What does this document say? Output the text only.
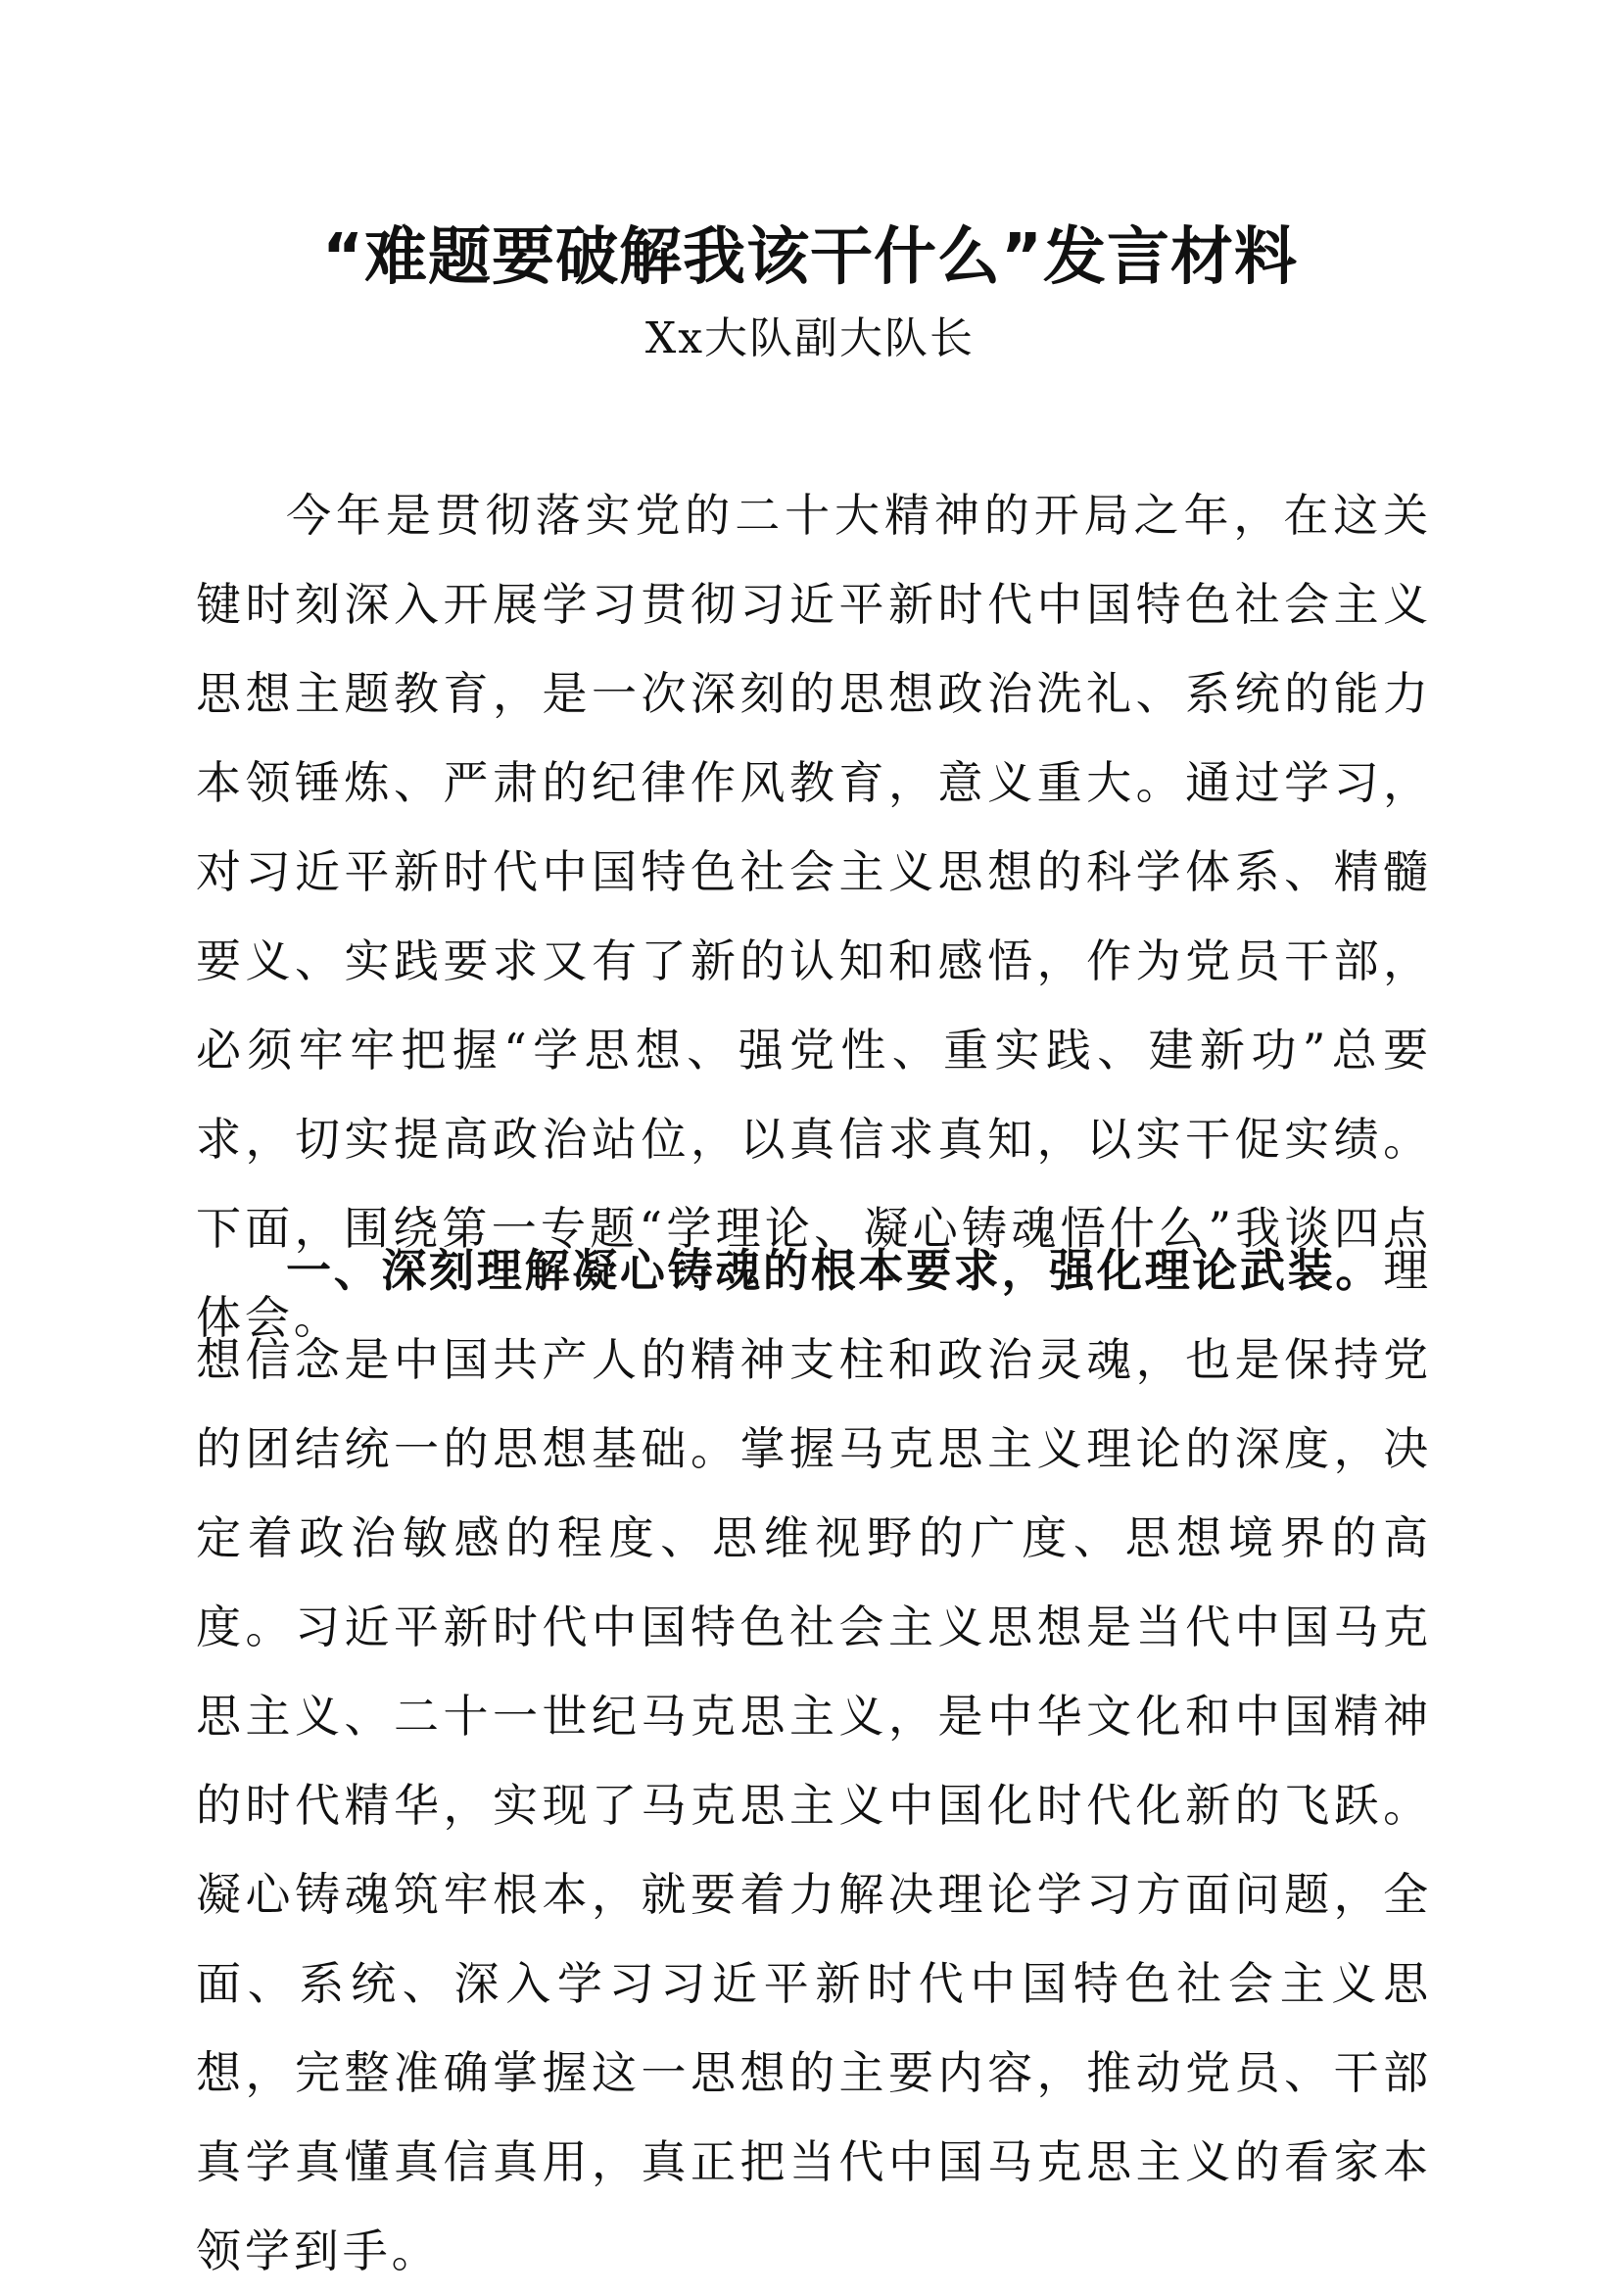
“难题要破解我该干什么”发言材料
Xx大队副大队长

今年是贯彻落实党的二十大精神的开局之年，在这关键时刻深入开展学习贯彻习近平新时代中国特色社会主义思想主题教育，是一次深刻的思想政治洗礼、系统的能力本领锤炼、严肃的纪律作风教育，意义重大。通过学习，对习近平新时代中国特色社会主义思想的科学体系、精髓要义、实践要求又有了新的认知和感悟，作为党员干部，必须牢牢把握“学思想、强党性、重实践、建新功”总要求，切实提高政治站位，以真信求真知，以实干促实绩。下面，围绕第一专题“学理论、凝心铸魂悟什么”我谈四点体会。

一、深刻理解凝心铸魂的根本要求，强化理论武装。理想信念是中国共产人的精神支柱和政治灵魂，也是保持党的团结统一的思想基础。掌握马克思主义理论的深度，决定着政治敏感的程度、思维视野的广度、思想境界的高度。习近平新时代中国特色社会主义思想是当代中国马克思主义、二十一世纪马克思主义，是中华文化和中国精神的时代精华，实现了马克思主义中国化时代化新的飞跃。凝心铸魂筑牢根本，就要着力解决理论学习方面问题，全面、系统、深入学习习近平新时代中国特色社会主义思想，完整准确掌握这一思想的主要内容，推动党员、干部真学真懂真信真用，真正把当代中国马克思主义的看家本领学到手。
